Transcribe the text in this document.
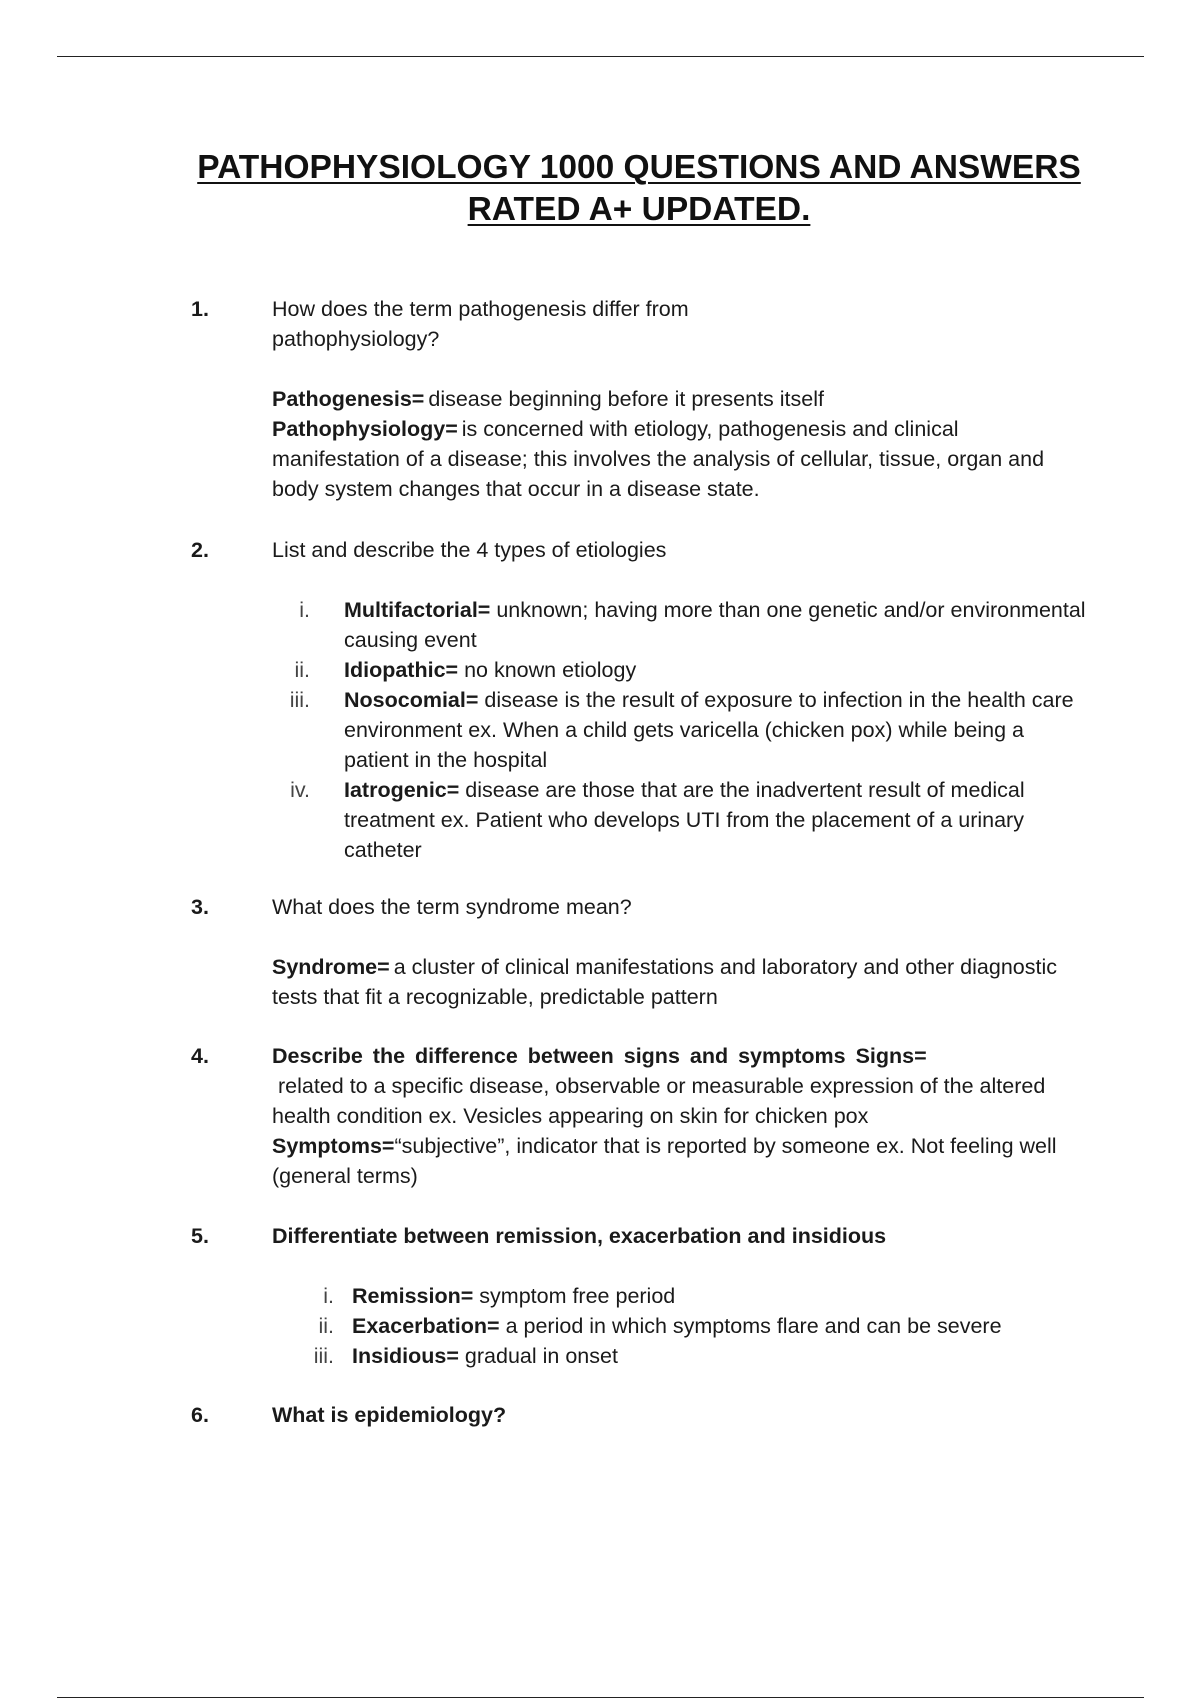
PATHOPHYSIOLOGY 1000 QUESTIONS AND ANSWERS
RATED A+ UPDATED.
1.	How does the term pathogenesis differ from

pathophysiology?

Pathogenesis= disease beginning before it presents itself

Pathophysiology= is concerned with etiology, pathogenesis and clinical manifestation of a disease; this involves the analysis of cellular, tissue, organ and body system changes that occur in a disease state.

2.	List and describe the 4 types of etiologies

i. Multifactorial= unknown; having more than one genetic and/or environmental causing event
ii. Idiopathic= no known etiology
iii. Nosocomial= disease is the result of exposure to infection in the health care environment ex. When a child gets varicella (chicken pox) while being a patient in the hospital
iv. Iatrogenic= disease are those that are the inadvertent result of medical treatment ex. Patient who develops UTI from the placement of a urinary catheter
3.	What does the term syndrome mean?

Syndrome= a cluster of clinical manifestations and laboratory and other diagnostic tests that fit a recognizable, predictable pattern

4.	Describe the difference between signs and symptoms Signs=

related to a specific disease, observable or measurable expression of the altered health condition ex. Vesicles appearing on skin for chicken pox

Symptoms=“subjective”, indicator that is reported by someone ex. Not feeling well (general terms)

5.	Differentiate between remission, exacerbation and insidious

i. Remission= symptom free period
ii. Exacerbation= a period in which symptoms flare and can be severe
iii. Insidious= gradual in onset
6.	What is epidemiology?
